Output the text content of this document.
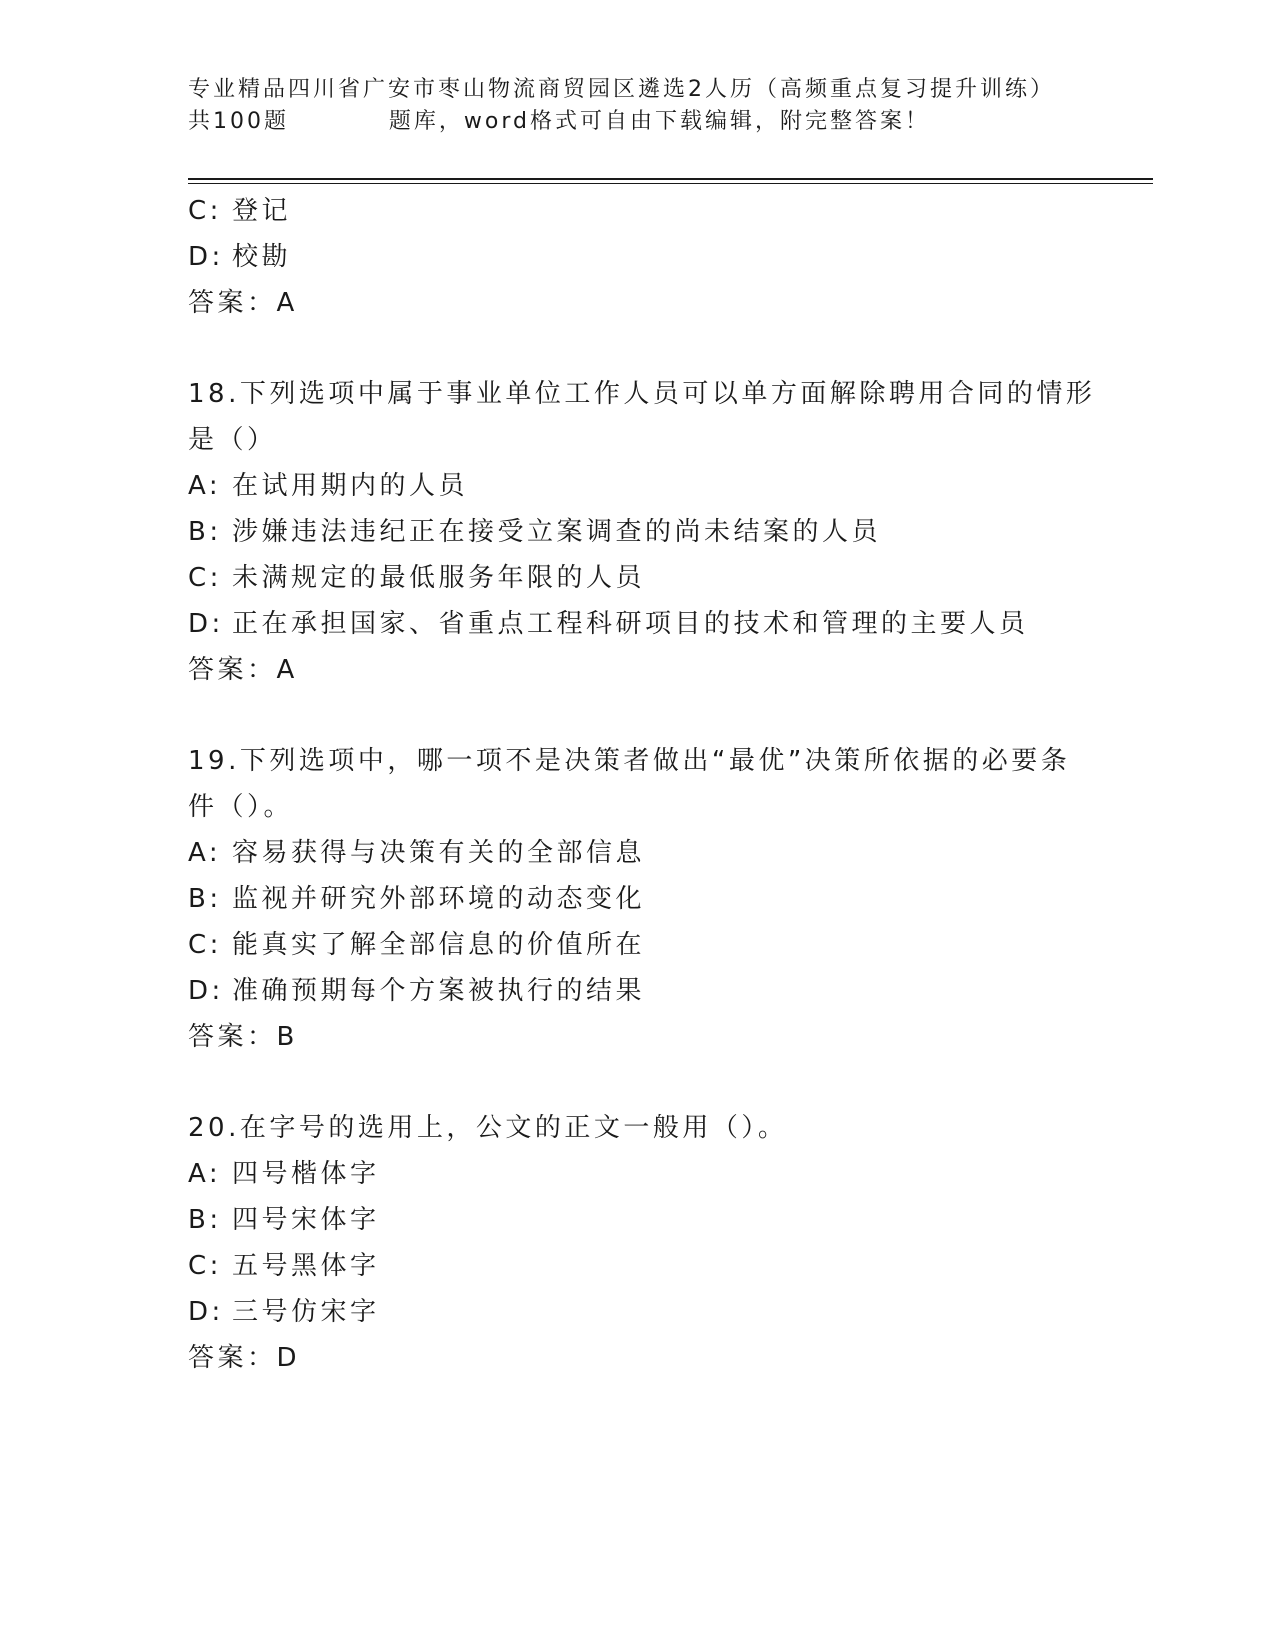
专业精品四川省广安市枣山物流商贸园区遴选2人历（高频重点复习提升训练）
共100题          题库，word格式可自由下载编辑，附完整答案！
C: 登记
D: 校勘
答案：A
18.下列选项中属于事业单位工作人员可以单方面解除聘用合同的情形
是（）
A: 在试用期内的人员
B: 涉嫌违法违纪正在接受立案调查的尚未结案的人员
C: 未满规定的最低服务年限的人员
D: 正在承担国家、省重点工程科研项目的技术和管理的主要人员
答案：A
19.下列选项中，哪一项不是决策者做出“最优”决策所依据的必要条
件（）。
A: 容易获得与决策有关的全部信息
B: 监视并研究外部环境的动态变化
C: 能真实了解全部信息的价值所在
D: 准确预期每个方案被执行的结果
答案：B
20.在字号的选用上，公文的正文一般用（）。
A: 四号楷体字
B: 四号宋体字
C: 五号黑体字
D: 三号仿宋字
答案：D
